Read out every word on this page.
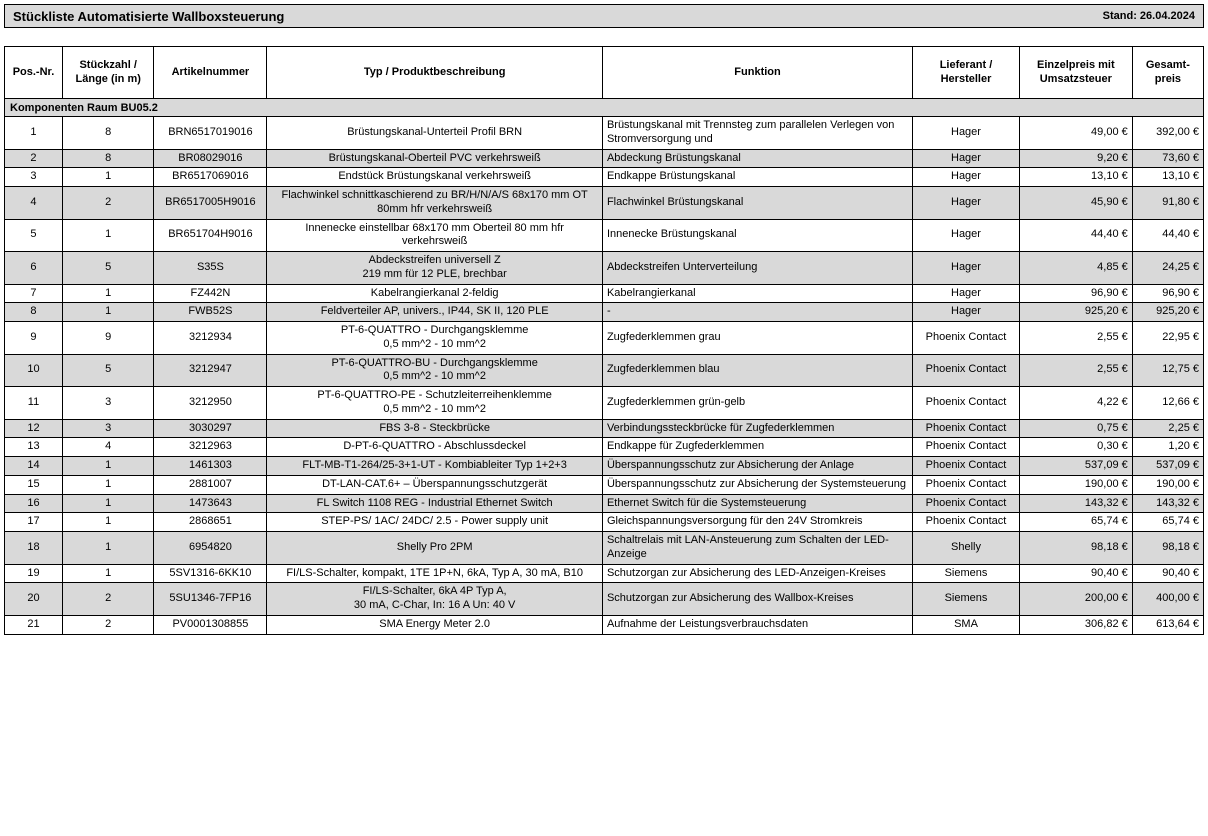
Stückliste Automatisierte Wallboxsteuerung	Stand: 26.04.2024
Pos.-Nr.	Stückzahl / Länge (in m)	Artikelnummer	Typ / Produktbeschreibung	Funktion	Lieferant / Hersteller	Einzelpreis mit Umsatzsteuer	Gesamt-preis
Komponenten Raum BU05.2							
1	8	BRN6517019016	Brüstungskanal-Unterteil Profil BRN	Brüstungskanal mit Trennsteg zum parallelen Verlegen von Stromversorgung und	Hager	49,00 €	392,00 €
2	8	BR08029016	Brüstungskanal-Oberteil PVC verkehrsweiß	Abdeckung Brüstungskanal	Hager	9,20 €	73,60 €
3	1	BR6517069016	Endstück Brüstungskanal verkehrsweiß	Endkappe Brüstungskanal	Hager	13,10 €	13,10 €
4	2	BR6517005H9016	Flachwinkel schnittkaschierend zu BR/H/N/A/S 68x170 mm OT 80mm hfr verkehrsweiß	Flachwinkel Brüstungskanal	Hager	45,90 €	91,80 €
5	1	BR651704H9016	Innenecke einstellbar 68x170 mm Oberteil 80 mm hfr verkehrsweiß	Innenecke Brüstungskanal	Hager	44,40 €	44,40 €
6	5	S35S	Abdeckstreifen universell Z
219 mm für 12 PLE, brechbar	Abdeckstreifen Unterverteilung	Hager	4,85 €	24,25 €
7	1	FZ442N	Kabelrangierkanal 2-feldig	Kabelrangierkanal	Hager	96,90 €	96,90 €
8	1	FWB52S	Feldverteiler AP, univers., IP44, SK II, 120 PLE	-	Hager	925,20 €	925,20 €
9	9	3212934	PT-6-QUATTRO - Durchgangsklemme
0,5 mm^2 - 10 mm^2	Zugfederklemmen grau	Phoenix Contact	2,55 €	22,95 €
10	5	3212947	PT-6-QUATTRO-BU - Durchgangsklemme
0,5 mm^2 - 10 mm^2	Zugfederklemmen blau	Phoenix Contact	2,55 €	12,75 €
11	3	3212950	PT-6-QUATTRO-PE - Schutzleiterreihenklemme
0,5 mm^2 - 10 mm^2	Zugfederklemmen grün-gelb	Phoenix Contact	4,22 €	12,66 €
12	3	3030297	FBS 3-8 - Steckbrücke	Verbindungssteckbrücke für Zugfederklemmen	Phoenix Contact	0,75 €	2,25 €
13	4	3212963	D-PT-6-QUATTRO - Abschlussdeckel	Endkappe für Zugfederklemmen	Phoenix Contact	0,30 €	1,20 €
14	1	1461303	FLT-MB-T1-264/25-3+1-UT - Kombiableiter Typ 1+2+3	Überspannungsschutz zur Absicherung der Anlage	Phoenix Contact	537,09 €	537,09 €
15	1	2881007	DT-LAN-CAT.6+ – Überspannungsschutzgerät	Überspannungsschutz zur Absicherung der Systemsteuerung	Phoenix Contact	190,00 €	190,00 €
16	1	1473643	FL Switch 1108 REG - Industrial Ethernet Switch	Ethernet Switch für die Systemsteuerung	Phoenix Contact	143,32 €	143,32 €
17	1	2868651	STEP-PS/ 1AC/ 24DC/ 2.5 - Power supply unit	Gleichspannungsversorgung für den 24V Stromkreis	Phoenix Contact	65,74 €	65,74 €
18	1	6954820	Shelly Pro 2PM	Schaltrelais mit LAN-Ansteuerung zum Schalten der LED-Anzeige	Shelly	98,18 €	98,18 €
19	1	5SV1316-6KK10	FI/LS-Schalter, kompakt, 1TE 1P+N, 6kA, Typ A, 30 mA, B10	Schutzorgan zur Absicherung des LED-Anzeigen-Kreises	Siemens	90,40 €	90,40 €
20	2	5SU1346-7FP16	FI/LS-Schalter, 6kA 4P Typ A,
30 mA, C-Char, In: 16 A Un: 40 V	Schutzorgan zur Absicherung des Wallbox-Kreises	Siemens	200,00 €	400,00 €
21	2	PV0001308855	SMA Energy Meter 2.0	Aufnahme der Leistungsverbrauchsdaten	SMA	306,82 €	613,64 €
